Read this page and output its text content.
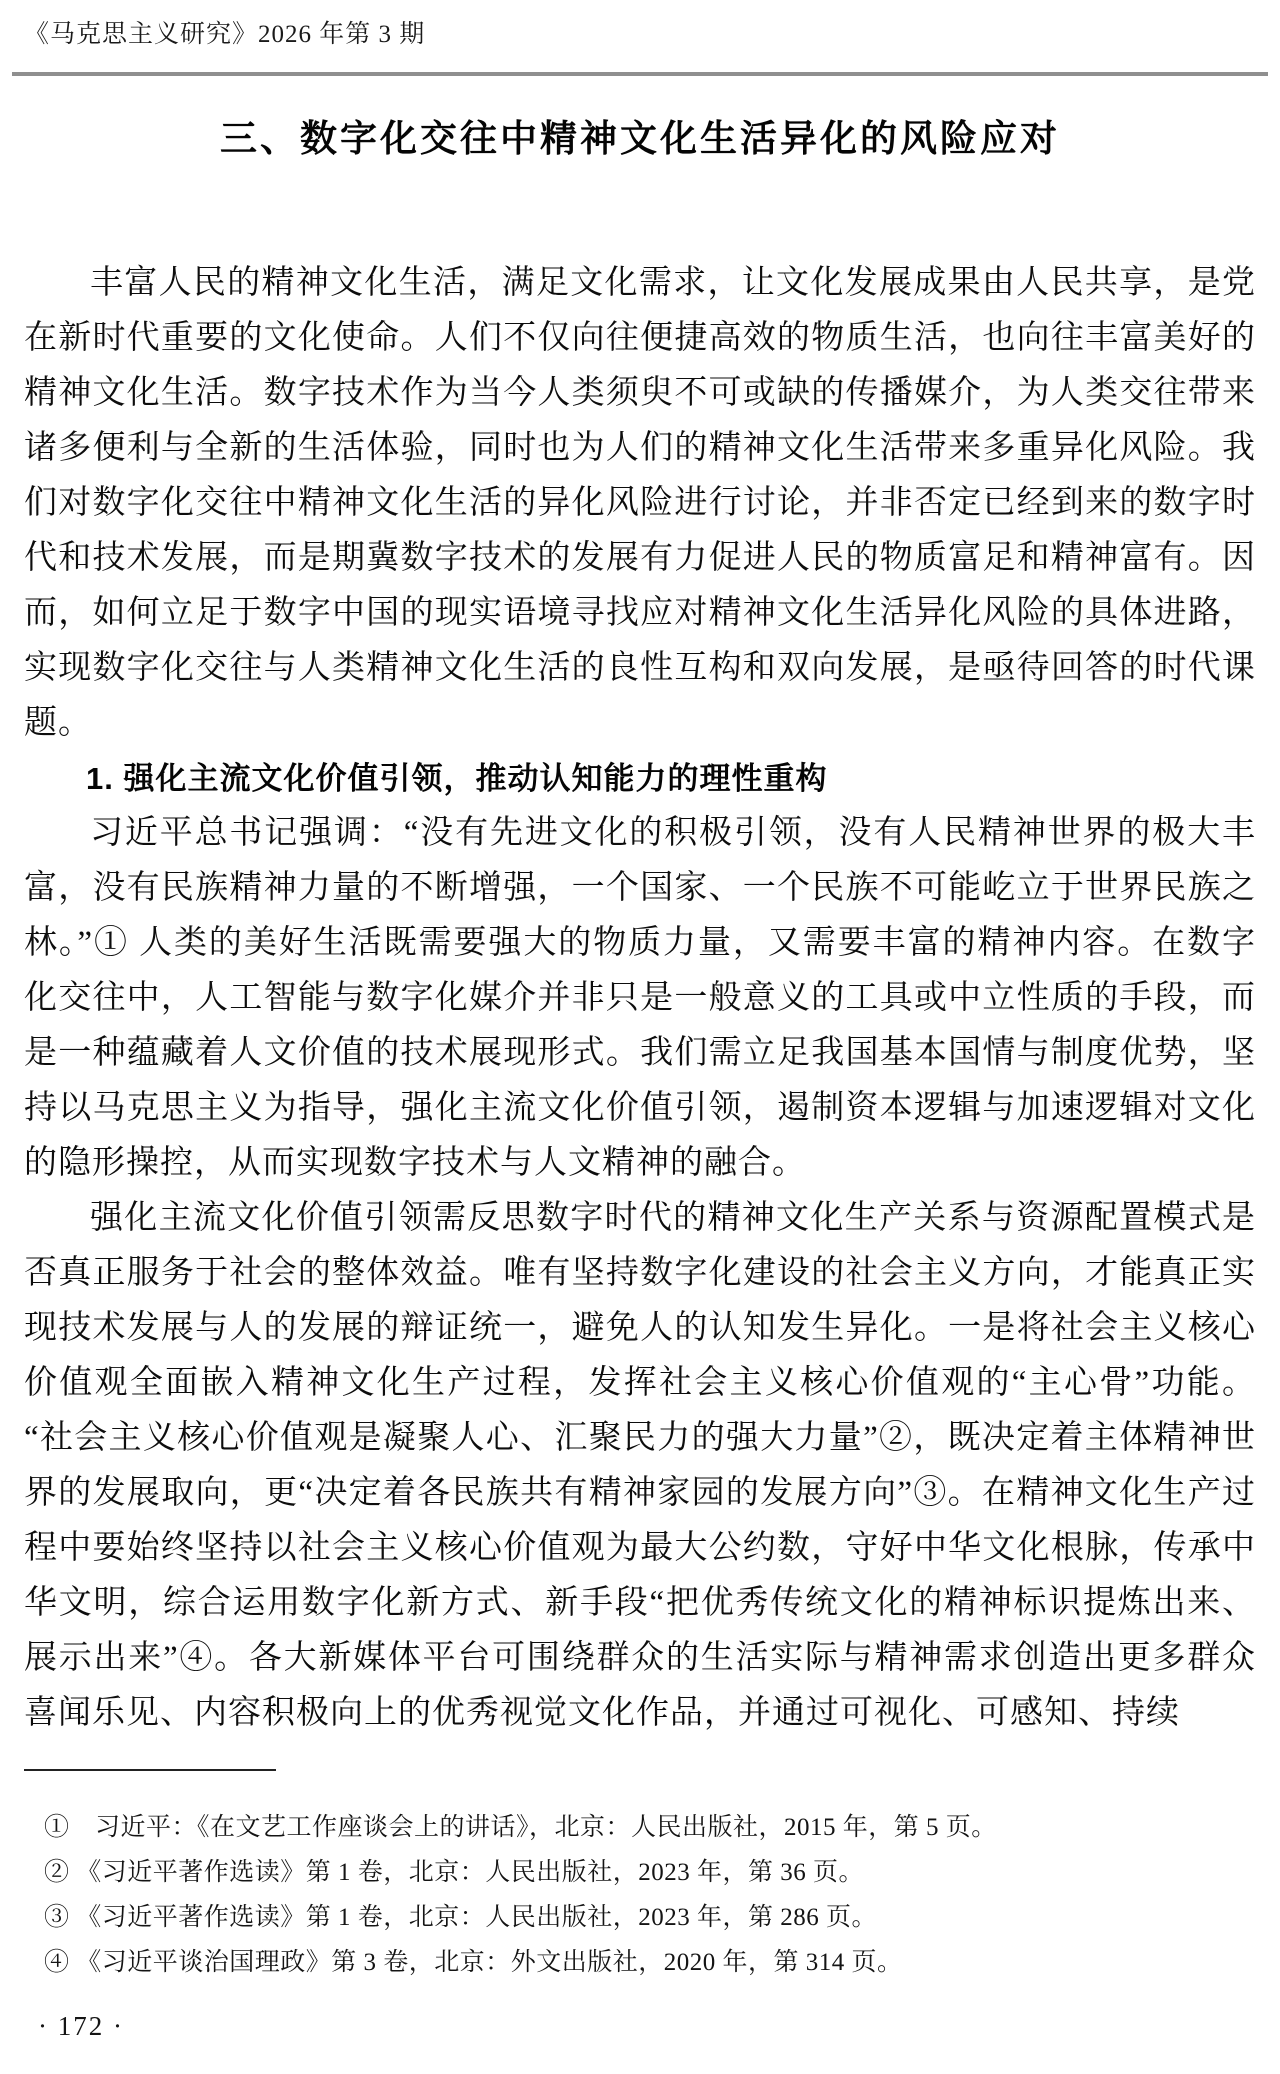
《马克思主义研究》2026 年第 3 期
三、数字化交往中精神文化生活异化的风险应对

丰富人民的精神文化生活，满足文化需求，让文化发展成果由人民共享，是党在新时代重要的文化使命。人们不仅向往便捷高效的物质生活，也向往丰富美好的精神文化生活。数字技术作为当今人类须臾不可或缺的传播媒介，为人类交往带来诸多便利与全新的生活体验，同时也为人们的精神文化生活带来多重异化风险。我们对数字化交往中精神文化生活的异化风险进行讨论，并非否定已经到来的数字时代和技术发展，而是期冀数字技术的发展有力促进人民的物质富足和精神富有。因而，如何立足于数字中国的现实语境寻找应对精神文化生活异化风险的具体进路，实现数字化交往与人类精神文化生活的良性互构和双向发展，是亟待回答的时代课题。

1. 强化主流文化价值引领，推动认知能力的理性重构

习近平总书记强调：“没有先进文化的积极引领，没有人民精神世界的极大丰富，没有民族精神力量的不断增强，一个国家、一个民族不可能屹立于世界民族之林。”① 人类的美好生活既需要强大的物质力量，又需要丰富的精神内容。在数字化交往中，人工智能与数字化媒介并非只是一般意义的工具或中立性质的手段，而是一种蕴藏着人文价值的技术展现形式。我们需立足我国基本国情与制度优势，坚持以马克思主义为指导，强化主流文化价值引领，遏制资本逻辑与加速逻辑对文化的隐形操控，从而实现数字技术与人文精神的融合。

强化主流文化价值引领需反思数字时代的精神文化生产关系与资源配置模式是否真正服务于社会的整体效益。唯有坚持数字化建设的社会主义方向，才能真正实现技术发展与人的发展的辩证统一，避免人的认知发生异化。一是将社会主义核心价值观全面嵌入精神文化生产过程，发挥社会主义核心价值观的“主心骨”功能。“社会主义核心价值观是凝聚人心、汇聚民力的强大力量”②，既决定着主体精神世界的发展取向，更“决定着各民族共有精神家园的发展方向”③。在精神文化生产过程中要始终坚持以社会主义核心价值观为最大公约数，守好中华文化根脉，传承中华文明，综合运用数字化新方式、新手段“把优秀传统文化的精神标识提炼出来、展示出来”④。各大新媒体平台可围绕群众的生活实际与精神需求创造出更多群众喜闻乐见、内容积极向上的优秀视觉文化作品，并通过可视化、可感知、持续

①　习近平：《在文艺工作座谈会上的讲话》，北京：人民出版社，2015 年，第 5 页。
② 《习近平著作选读》第 1 卷，北京：人民出版社，2023 年，第 36 页。
③ 《习近平著作选读》第 1 卷，北京：人民出版社，2023 年，第 286 页。
④ 《习近平谈治国理政》第 3 卷，北京：外文出版社，2020 年，第 314 页。
· 172 ·
